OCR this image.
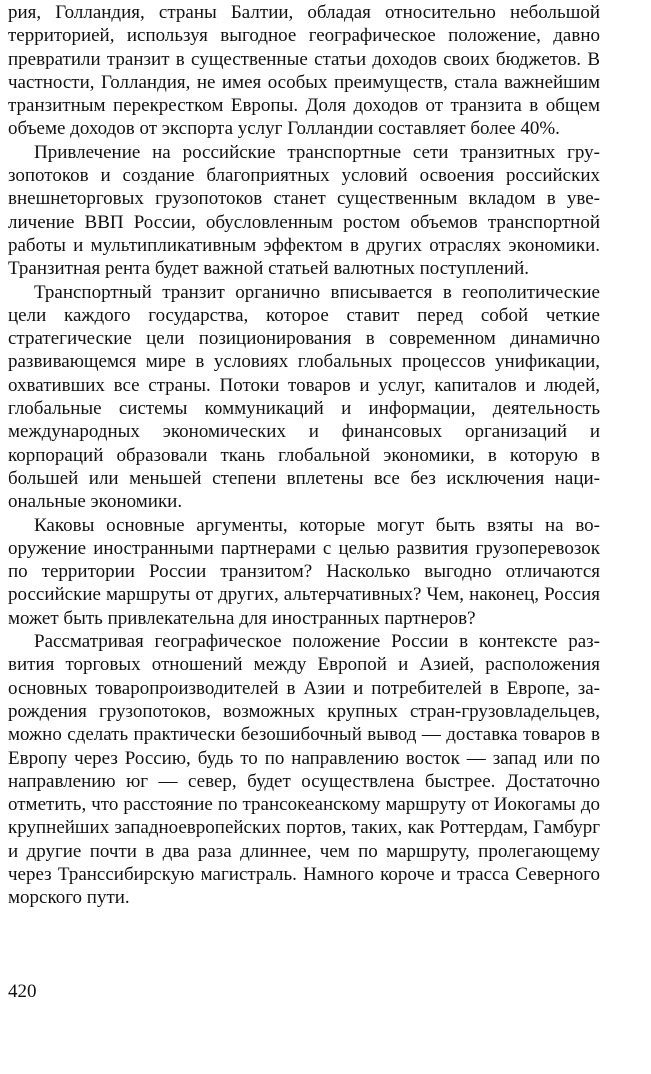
рия, Голландия, страны Балтии, обладая относительно небольшой территорией, используя выгодное географическое положение, давно превратили транзит в существенные статьи доходов своих бюджетов. В частности, Голландия, не имея особых преимуществ, стала важнейшим транзитным перекрестком Европы. Доля доходов от транзита в общем объеме доходов от экспорта услуг Голландии составляет более 40%.

Привлечение на российские транспортные сети транзитных грузопотоков и создание благоприятных условий освоения российских внешнеторговых грузопотоков станет существенным вкладом в увеличение ВВП России, обусловленным ростом объемов транспортной работы и мультипликативным эффектом в других отраслях экономики. Транзитная рента будет важной статьей валютных поступлений.

Транспортный транзит органично вписывается в геополитические цели каждого государства, которое ставит перед собой четкие стратегические цели позиционирования в современном динамично развивающемся мире в условиях глобальных процессов унификации, охвативших все страны. Потоки товаров и услуг, капиталов и людей, глобальные системы коммуникаций и информации, деятельность международных экономических и финансовых организаций и корпораций образовали ткань глобальной экономики, в которую в большей или меньшей степени вплетены все без исключения национальные экономики.

Каковы основные аргументы, которые могут быть взяты на вооружение иностранными партнерами с целью развития грузоперевозок по территории России транзитом? Насколько выгодно отличаются российские маршруты от других, альтерчативных? Чем, наконец, Россия может быть привлекательна для иностранных партнеров?

Рассматривая географическое положение России в контексте развития торговых отношений между Европой и Азией, расположения основных товаропроизводителей в Азии и потребителей в Европе, зарождения грузопотоков, возможных крупных стран-грузовладельцев, можно сделать практически безошибочный вывод — доставка товаров в Европу через Россию, будь то по направлению восток — запад или по направлению юг — север, будет осуществлена быстрее. Достаточно отметить, что расстояние по трансокеанскому маршруту от Иокогамы до крупнейших западноевропейских портов, таких, как Роттердам, Гамбург и другие почти в два раза длиннее, чем по маршруту, пролегающему через Транссибирскую магистраль. Намного короче и трасса Северного морского пути.

420
